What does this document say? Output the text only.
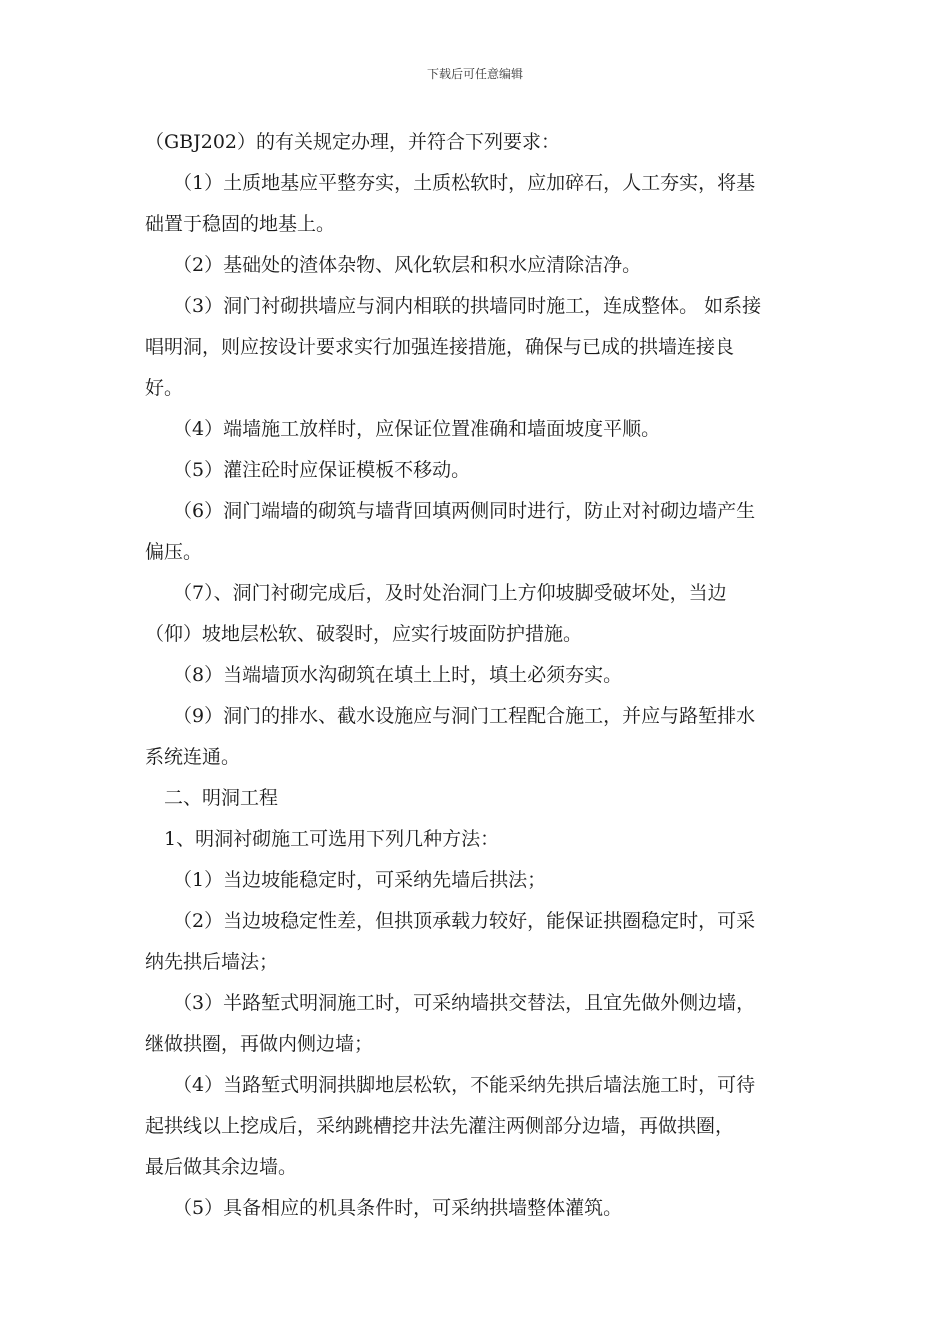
下载后可任意编辑
（GBJ202）的有关规定办理，并符合下列要求：
（1）土质地基应平整夯实，土质松软时，应加碎石，人工夯实，将基
础置于稳固的地基上。
（2）基础处的渣体杂物、风化软层和积水应清除洁净。
（3）洞门衬砌拱墙应与洞内相联的拱墙同时施工，连成整体。 如系接
唱明洞，则应按设计要求实行加强连接措施，确保与已成的拱墙连接良
好。
（4）端墙施工放样时，应保证位置准确和墙面坡度平顺。
（5）灌注砼时应保证模板不移动。
（6）洞门端墙的砌筑与墙背回填两侧同时进行，防止对衬砌边墙产生
偏压。
（7）、洞门衬砌完成后，及时处治洞门上方仰坡脚受破坏处，当边
（仰）坡地层松软、破裂时，应实行坡面防护措施。
（8）当端墙顶水沟砌筑在填土上时，填土必须夯实。
（9）洞门的排水、截水设施应与洞门工程配合施工，并应与路堑排水
系统连通。
二、明洞工程
1、明洞衬砌施工可选用下列几种方法：
（1）当边坡能稳定时，可采纳先墙后拱法；
（2）当边坡稳定性差，但拱顶承载力较好，能保证拱圈稳定时，可采
纳先拱后墙法；
（3）半路堑式明洞施工时，可采纳墙拱交替法，且宜先做外侧边墙，
继做拱圈，再做内侧边墙；
（4）当路堑式明洞拱脚地层松软，不能采纳先拱后墙法施工时，可待
起拱线以上挖成后，采纳跳槽挖井法先灌注两侧部分边墙，再做拱圈，
最后做其余边墙。
（5）具备相应的机具条件时，可采纳拱墙整体灌筑。
